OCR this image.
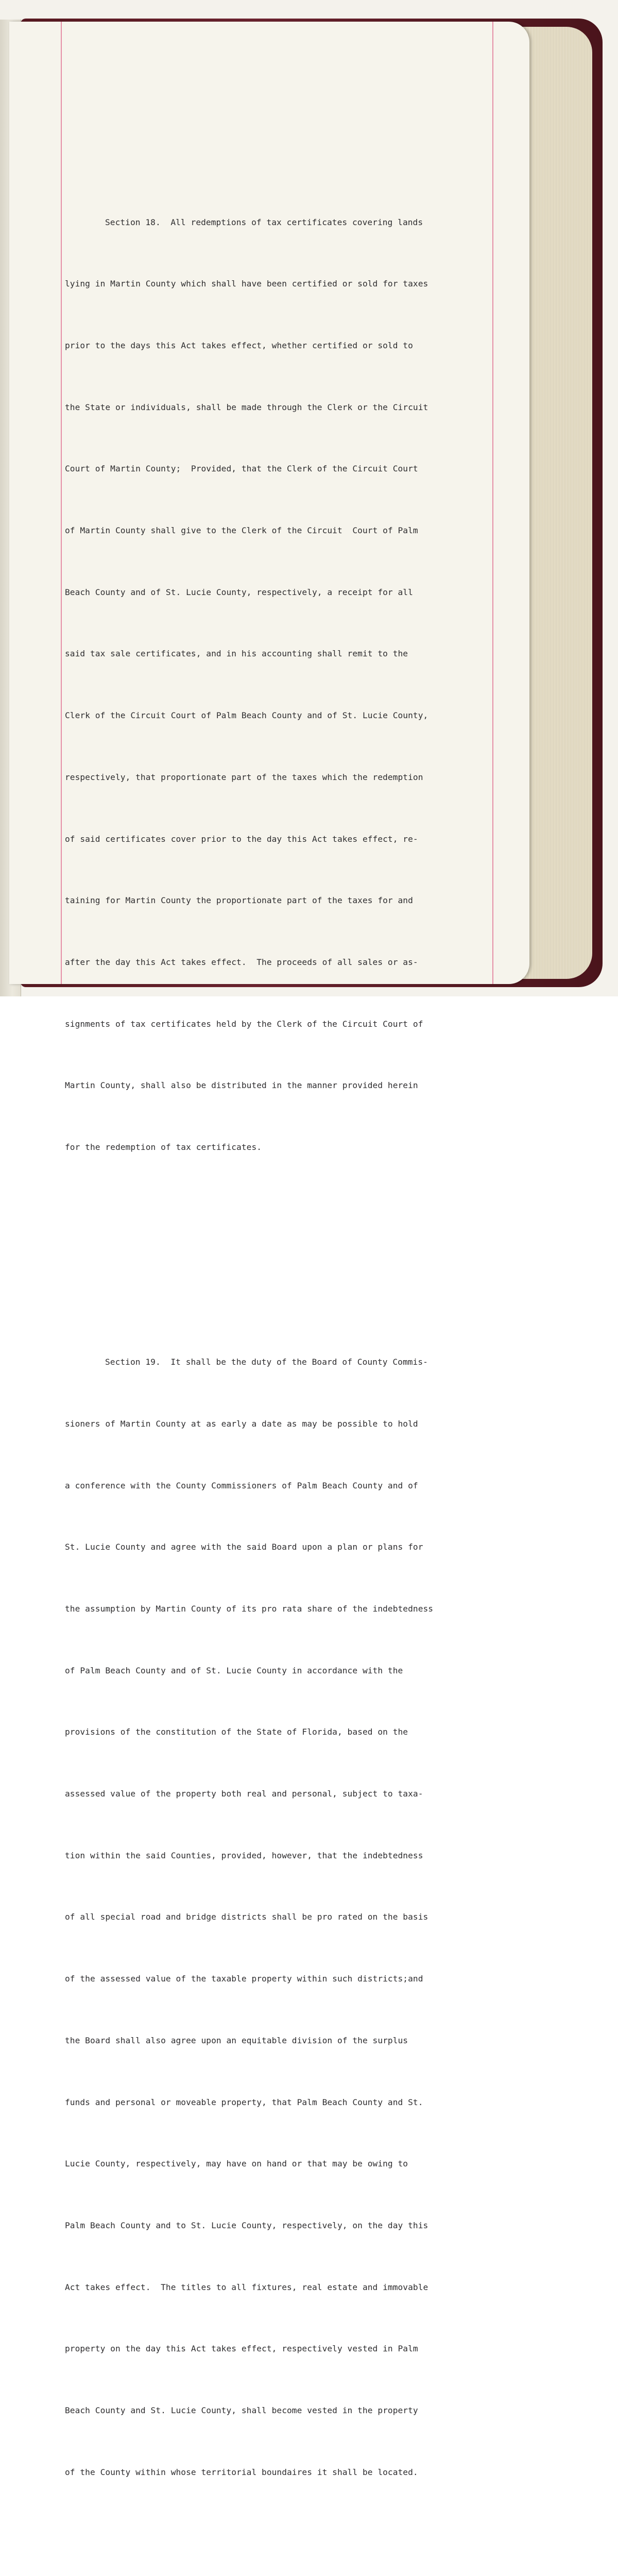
Section 18.  All redemptions of tax certificates covering lands

lying in Martin County which shall have been certified or sold for taxes

prior to the days this Act takes effect, whether certified or sold to

the State or individuals, shall be made through the Clerk or the Circuit

Court of Martin County;  Provided, that the Clerk of the Circuit Court

of Martin County shall give to the Clerk of the Circuit  Court of Palm

Beach County and of St. Lucie County, respectively, a receipt for all

said tax sale certificates, and in his accounting shall remit to the

Clerk of the Circuit Court of Palm Beach County and of St. Lucie County,

respectively, that proportionate part of the taxes which the redemption

of said certificates cover prior to the day this Act takes effect, re-

taining for Martin County the proportionate part of the taxes for and

after the day this Act takes effect.  The proceeds of all sales or as-

signments of tax certificates held by the Clerk of the Circuit Court of

Martin County, shall also be distributed in the manner provided herein

for the redemption of tax certificates.

Section 19.  It shall be the duty of the Board of County Commis-

sioners of Martin County at as early a date as may be possible to hold

a conference with the County Commissioners of Palm Beach County and of

St. Lucie County and agree with the said Board upon a plan or plans for

the assumption by Martin County of its pro rata share of the indebtedness

of Palm Beach County and of St. Lucie County in accordance with the

provisions of the constitution of the State of Florida, based on the

assessed value of the property both real and personal, subject to taxa-

tion within the said Counties, provided, however, that the indebtedness

of all special road and bridge districts shall be pro rated on the basis

of the assessed value of the taxable property within such districts;and

the Board shall also agree upon an equitable division of the surplus

funds and personal or moveable property, that Palm Beach County and St.

Lucie County, respectively, may have on hand or that may be owing to

Palm Beach County and to St. Lucie County, respectively, on the day this

Act takes effect.  The titles to all fixtures, real estate and immovable

property on the day this Act takes effect, respectively vested in Palm

Beach County and St. Lucie County, shall become vested in the property

of the County within whose territorial boundaires it shall be located.
